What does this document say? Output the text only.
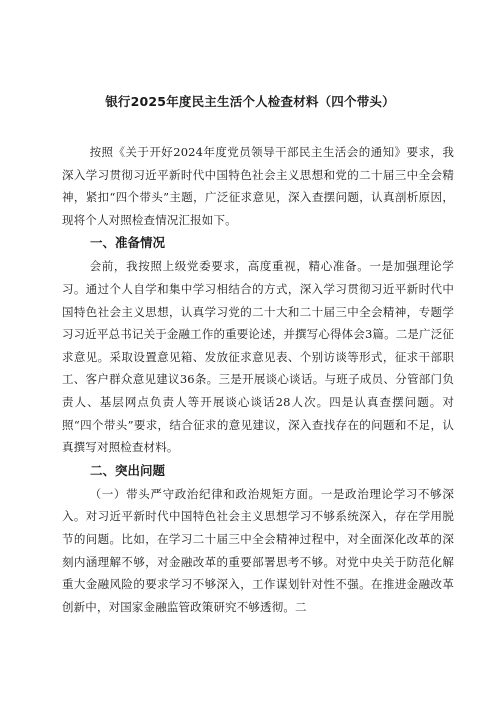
银行2025年度民主生活个人检查材料（四个带头）

按照《关于开好2024年度党员领导干部民主生活会的通知》要求，我深入学习贯彻习近平新时代中国特色社会主义思想和党的二十届三中全会精神，紧扣“四个带头”主题，广泛征求意见，深入查摆问题，认真剖析原因，现将个人对照检查情况汇报如下。

一、准备情况

会前，我按照上级党委要求，高度重视，精心准备。一是加强理论学习。通过个人自学和集中学习相结合的方式，深入学习贯彻习近平新时代中国特色社会主义思想，认真学习党的二十大和二十届三中全会精神，专题学习习近平总书记关于金融工作的重要论述，并撰写心得体会3篇。二是广泛征求意见。采取设置意见箱、发放征求意见表、个别访谈等形式，征求干部职工、客户群众意见建议36条。三是开展谈心谈话。与班子成员、分管部门负责人、基层网点负责人等开展谈心谈话28人次。四是认真查摆问题。对照“四个带头”要求，结合征求的意见建议，深入查找存在的问题和不足，认真撰写对照检查材料。

二、突出问题

（一）带头严守政治纪律和政治规矩方面。一是政治理论学习不够深入。对习近平新时代中国特色社会主义思想学习不够系统深入，存在学用脱节的问题。比如，在学习二十届三中全会精神过程中，对全面深化改革的深刻内涵理解不够，对金融改革的重要部署思考不够。对党中央关于防范化解重大金融风险的要求学习不够深入，工作谋划针对性不强。在推进金融改革创新中，对国家金融监管政策研究不够透彻。二
